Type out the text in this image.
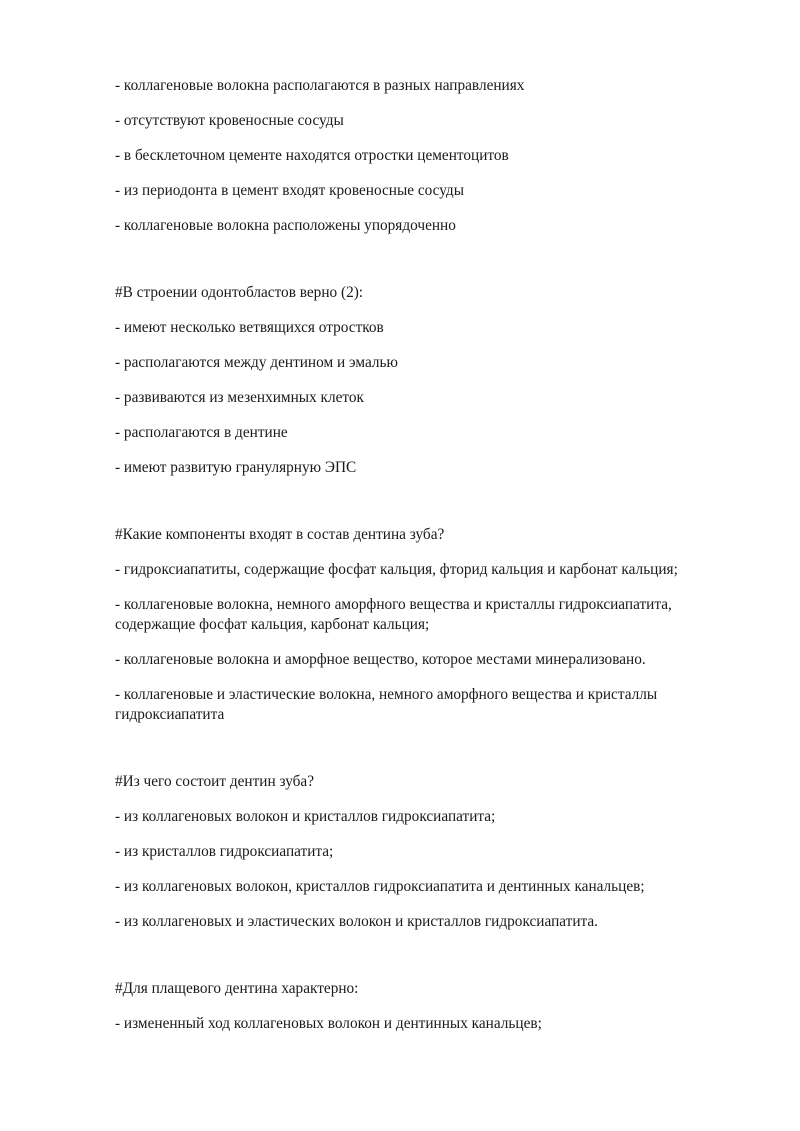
- коллагеновые волокна располагаются в разных направлениях

- отсутствуют кровеносные сосуды

- в бесклеточном цементе находятся отростки цементоцитов

- из периодонта в цемент входят кровеносные сосуды

- коллагеновые волокна расположены упорядоченно

#В строении одонтобластов верно (2):

- имеют несколько ветвящихся отростков

- располагаются между дентином и эмалью

- развиваются из мезенхимных клеток

- располагаются в дентине

- имеют развитую гранулярную ЭПС

#Какие компоненты входят в состав дентина зуба?

- гидроксиапатиты, содержащие фосфат кальция, фторид кальция и карбонат кальция;

- коллагеновые волокна, немного аморфного вещества и кристаллы гидроксиапатита, содержащие фосфат кальция, карбонат кальция;

- коллагеновые волокна и аморфное вещество, которое местами минерализовано.

- коллагеновые и эластические волокна, немного аморфного вещества и кристаллы гидроксиапатита

#Из чего состоит дентин зуба?

- из коллагеновых волокон и кристаллов гидроксиапатита;

- из кристаллов гидроксиапатита;

- из коллагеновых волокон, кристаллов гидроксиапатита и дентинных канальцев;

- из коллагеновых и эластических волокон и кристаллов гидроксиапатита.

#Для плащевого дентина характерно:

- измененный ход коллагеновых волокон и дентинных канальцев;
